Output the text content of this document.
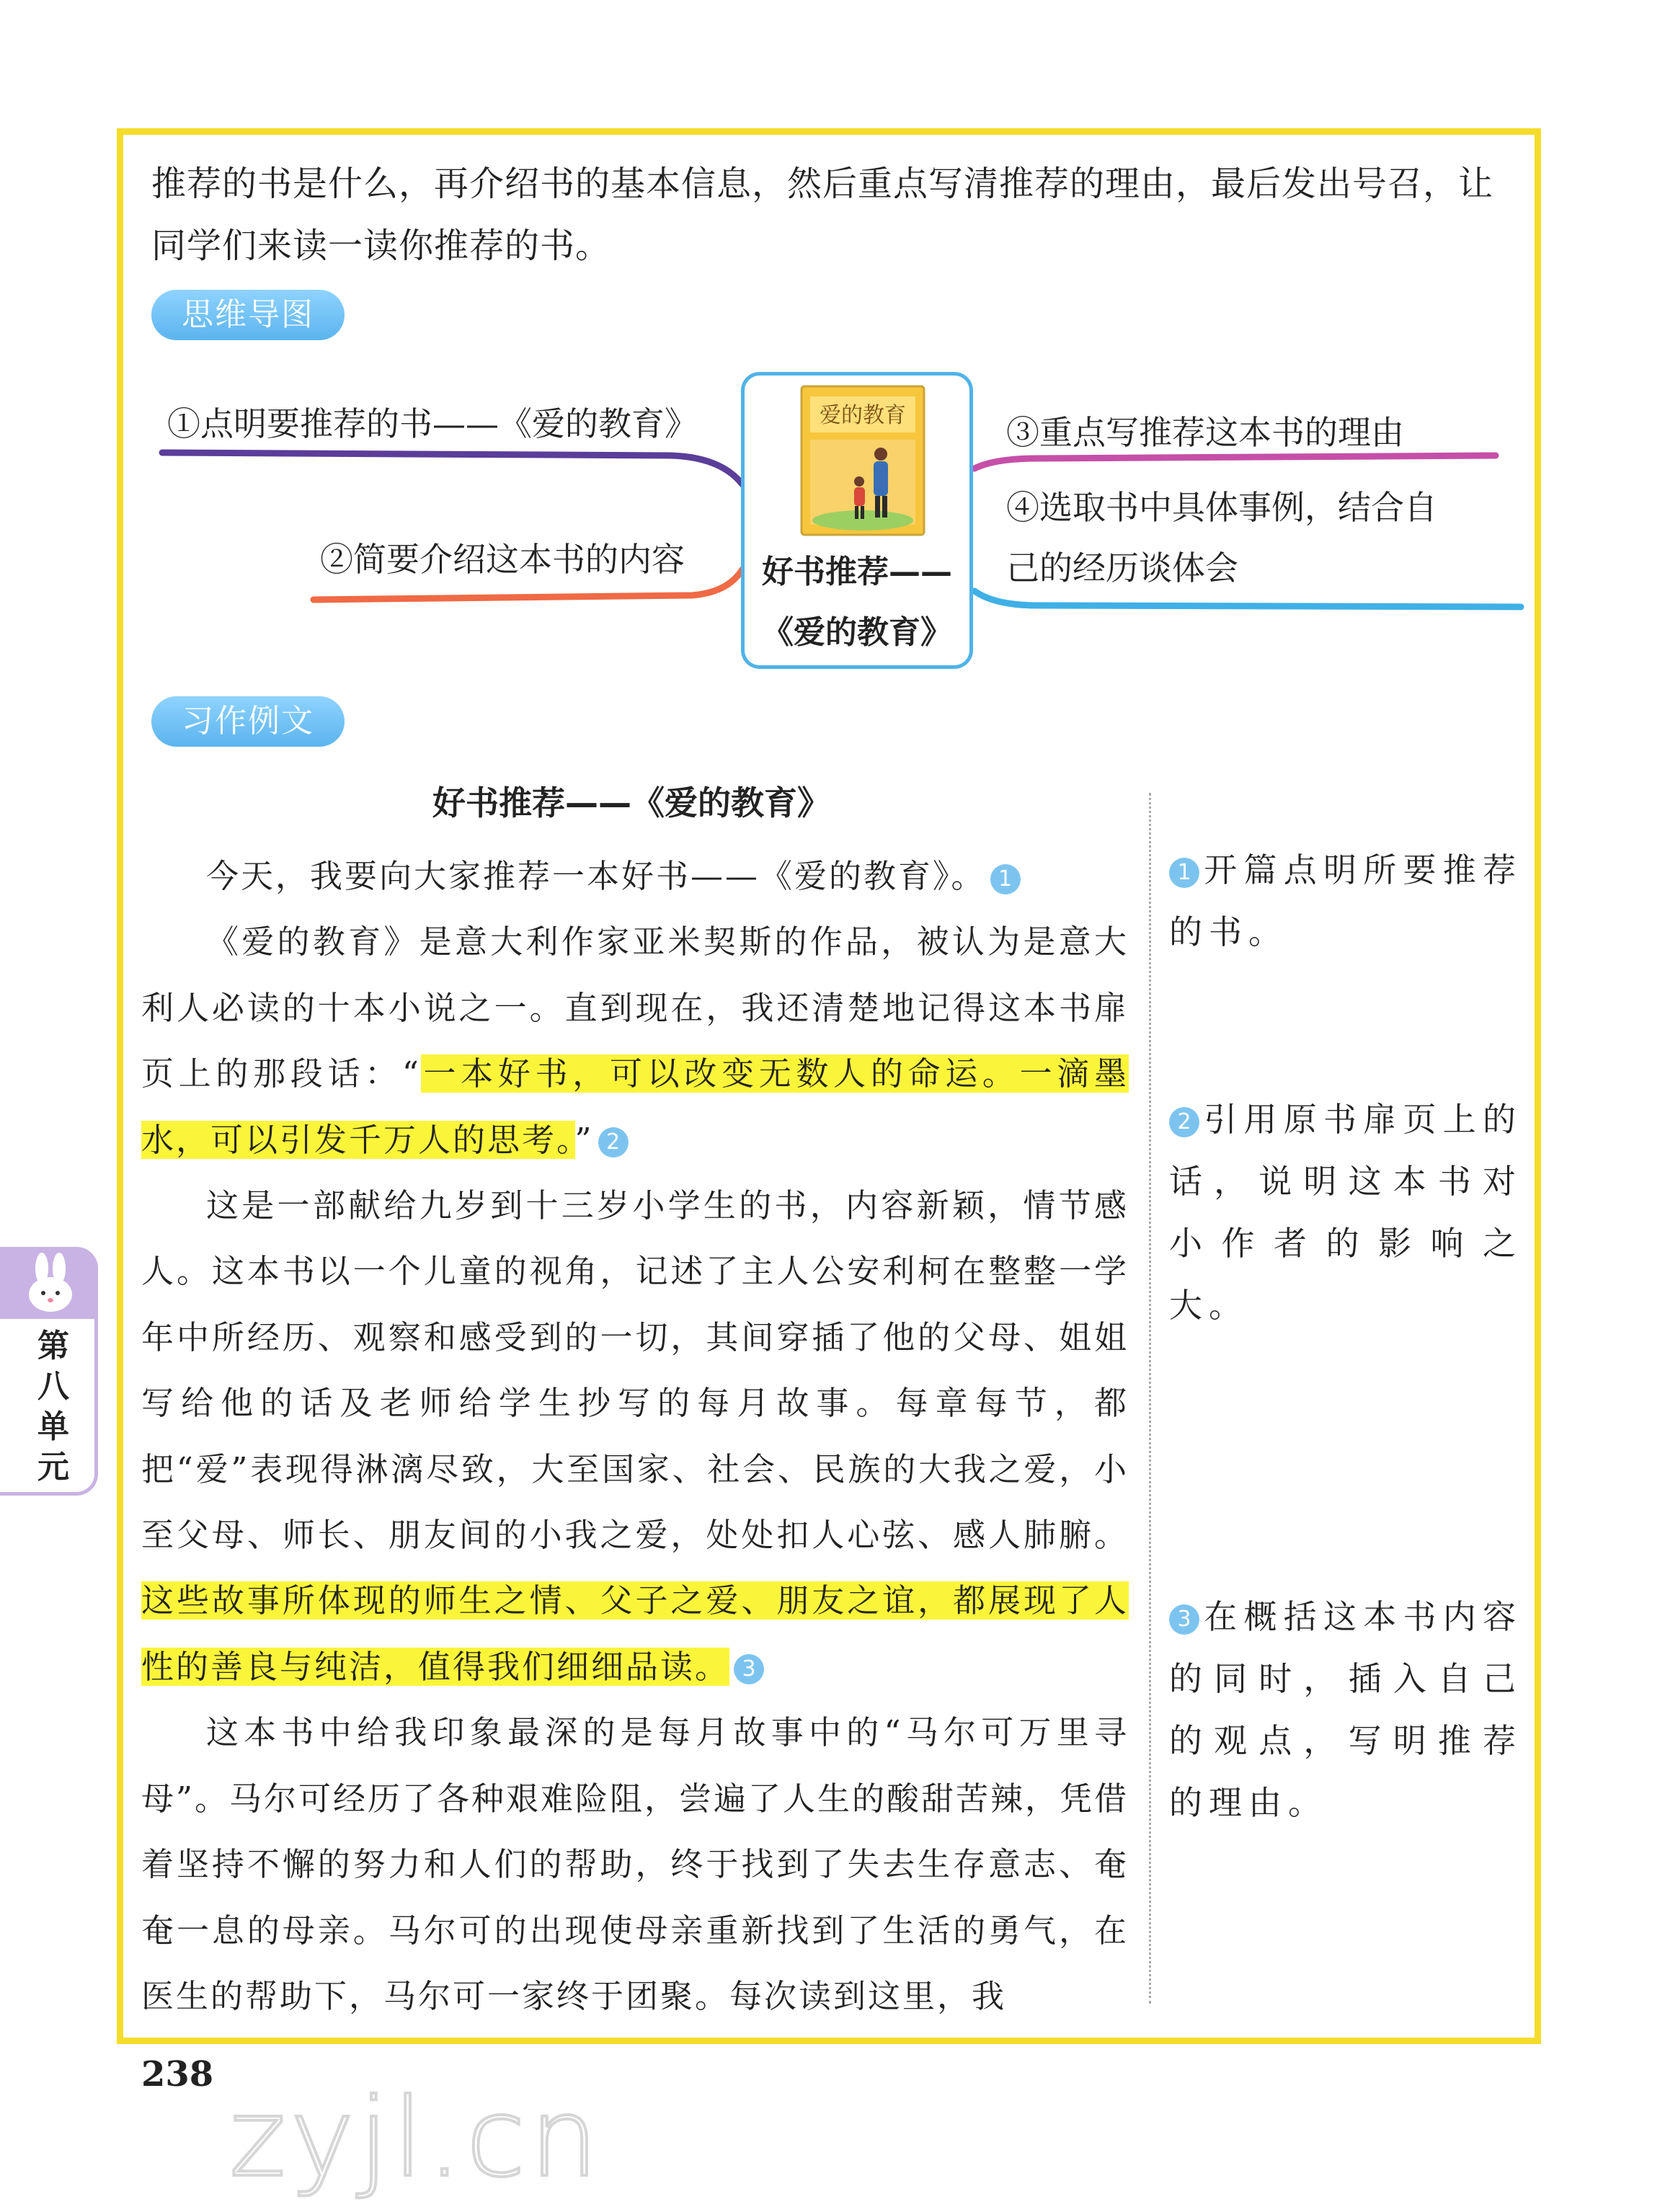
推荐的书是什么，再介绍书的基本信息，然后重点写清推荐的理由，最后发出号召，让同学们来读一读你推荐的书。
思维导图
①点明要推荐的书——《爱的教育》
②简要介绍这本书的内容
③重点写推荐这本书的理由
④选取书中具体事例，结合自
己的经历谈体会
爱的教育
好书推荐——
《爱的教育》
习作例文
好书推荐——《爱的教育》

今天，我要向大家推荐一本好书——《爱的教育》。 1

《爱的教育》是意大利作家亚米契斯的作品，被认为是意大利人必读的十本小说之一。直到现在，我还清楚地记得这本书扉页上的那段话：“一本好书，可以改变无数人的命运。一滴墨水，可以引发千万人的思考。” 2

这是一部献给九岁到十三岁小学生的书，内容新颖，情节感人。这本书以一个儿童的视角，记述了主人公安利柯在整整一学年中所经历、观察和感受到的一切，其间穿插了他的父母、姐姐写给他的话及老师给学生抄写的每月故事。每章每节，都把“爱”表现得淋漓尽致，大至国家、社会、民族的大我之爱，小至父母、师长、朋友间的小我之爱，处处扣人心弦、感人肺腑。这些故事所体现的师生之情、父子之爱、朋友之谊，都展现了人性的善良与纯洁，值得我们细细品读。 3

这本书中给我印象最深的是每月故事中的“马尔可万里寻母”。马尔可经历了各种艰难险阻，尝遍了人生的酸甜苦辣，凭借着坚持不懈的努力和人们的帮助，终于找到了失去生存意志、奄奄一息的母亲。马尔可的出现使母亲重新找到了生活的勇气，在医生的帮助下，马尔可一家终于团聚。每次读到这里，我

1 开篇点明所要推荐的书。
2 引用原书扉页上的话，说明这本书对小作者的影响之大。
3 在概括这本书内容的同时，插入自己的观点，写明推荐的理由。
第八单元
238
zyjl.cn
